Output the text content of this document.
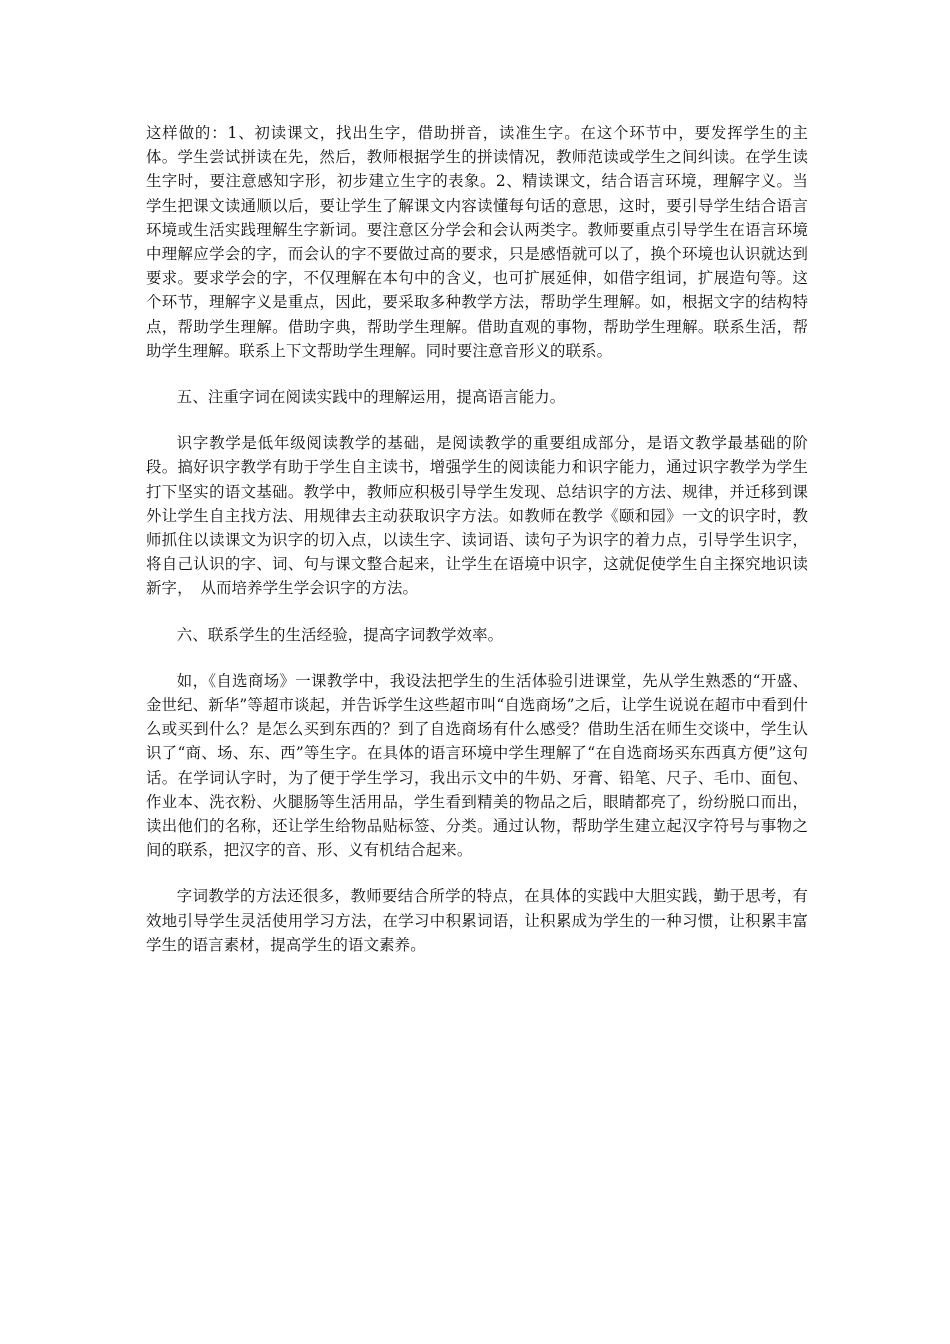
这样做的：1、初读课文，找出生字，借助拼音，读准生字。在这个环节中，要发挥学生的主体。学生尝试拼读在先，然后，教师根据学生的拼读情况，教师范读或学生之间纠读。在学生读生字时，要注意感知字形，初步建立生字的表象。2、精读课文，结合语言环境，理解字义。当学生把课文读通顺以后，要让学生了解课文内容读懂每句话的意思，这时，要引导学生结合语言环境或生活实践理解生字新词。要注意区分学会和会认两类字。教师要重点引导学生在语言环境中理解应学会的字，而会认的字不要做过高的要求，只是感悟就可以了，换个环境也认识就达到要求。要求学会的字，不仅理解在本句中的含义，也可扩展延伸，如借字组词，扩展造句等。这个环节，理解字义是重点，因此，要采取多种教学方法，帮助学生理解。如，根据文字的结构特点，帮助学生理解。借助字典，帮助学生理解。借助直观的事物，帮助学生理解。联系生活，帮助学生理解。联系上下文帮助学生理解。同时要注意音形义的联系。

五、注重字词在阅读实践中的理解运用，提高语言能力。

识字教学是低年级阅读教学的基础，是阅读教学的重要组成部分，是语文教学最基础的阶段。搞好识字教学有助于学生自主读书，增强学生的阅读能力和识字能力，通过识字教学为学生打下坚实的语文基础。教学中，教师应积极引导学生发现、总结识字的方法、规律，并迁移到课外让学生自主找方法、用规律去主动获取识字方法。如教师在教学《颐和园》一文的识字时，教师抓住以读课文为识字的切入点，以读生字、读词语、读句子为识字的着力点，引导学生识字，将自己认识的字、词、句与课文整合起来，让学生在语境中识字，这就促使学生自主探究地识读新字，　从而培养学生学会识字的方法。

六、联系学生的生活经验，提高字词教学效率。

如，《自选商场》一课教学中，我设法把学生的生活体验引进课堂，先从学生熟悉的“开盛、金世纪、新华”等超市谈起，并告诉学生这些超市叫“自选商场”之后，让学生说说在超市中看到什么或买到什么？是怎么买到东西的？到了自选商场有什么感受？借助生活在师生交谈中，学生认识了“商、场、东、西”等生字。在具体的语言环境中学生理解了“在自选商场买东西真方便”这句话。在学词认字时，为了便于学生学习，我出示文中的牛奶、牙膏、铅笔、尺子、毛巾、面包、作业本、洗衣粉、火腿肠等生活用品，学生看到精美的物品之后，眼睛都亮了，纷纷脱口而出，读出他们的名称，还让学生给物品贴标签、分类。通过认物，帮助学生建立起汉字符号与事物之间的联系，把汉字的音、形、义有机结合起来。

字词教学的方法还很多，教师要结合所学的特点，在具体的实践中大胆实践，勤于思考，有效地引导学生灵活使用学习方法，在学习中积累词语，让积累成为学生的一种习惯，让积累丰富学生的语言素材，提高学生的语文素养。
